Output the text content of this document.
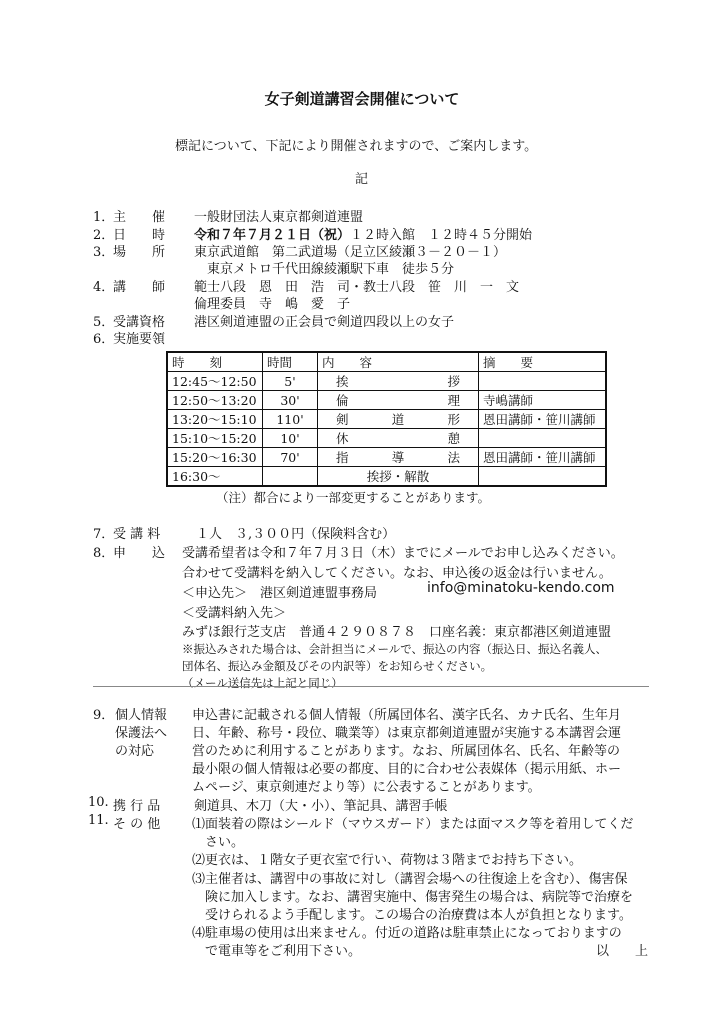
女子剣道講習会開催について
標記について、下記により開催されますので、ご案内します。
記
1．
主　　催 一般財団法人東京都剣道連盟
2．
日　　時 令和７年７月２１日（祝）１２時入館　１２時４５分開始
3．
場　　所 東京武道館　第二武道場（足立区綾瀬３－２０－１）
東京メトロ千代田線綾瀬駅下車　徒歩５分
4．
講　　師 範士八段　恩　田　浩　司・教士八段　笹　川　一　文
倫理委員　寺　嶋　愛　子
5．
受講資格 港区剣道連盟の正会員で剣道四段以上の女子
6．
実施要領
時　　刻	時間	内　　容	摘　　要
12:45～12:50	5'	挨　　拶	
12:50～13:20	30'	倫　　理	寺嶋講師
13:20～15:10	110'	剣　道　形	恩田講師・笹川講師
15:10～15:20	10'	休　　憩	
15:20～16:30	70'	指　導　法	恩田講師・笹川講師
16:30～		挨拶・解散	
（注）都合により一部変更することがあります。
7．
受 講 料	１人　３,３００円（保険料含む）
8．
申　　込 受講希望者は令和７年７月３日（木）までにメールでお申し込みください。
合わせて受講料を納入してください。なお、申込後の返金は行いません。
＜申込先＞　港区剣道連盟事務局	info@minatoku-kendo.com
＜受講料納入先＞
みずほ銀行芝支店　普通４２９０８７８　口座名義：東京都港区剣道連盟
※振込みされた場合は、会計担当にメールで、振込の内容（振込日、振込名義人、
団体名、振込み金額及びその内訳等）をお知らせください。
（メール送信先は上記と同じ）
9． 個人情報
保護法へ
の対応
申込書に記載される個人情報（所属団体名、漢字氏名、カナ氏名、生年月
日、年齢、称号・段位、職業等）は東京都剣道連盟が実施する本講習会運
営のために利用することがあります。なお、所属団体名、氏名、年齢等の
最小限の個人情報は必要の都度、目的に合わせ公表媒体（掲示用紙、ホー
ムページ、東京剣連だより等）に公表することがあります。
10. 携 行 品	剣道具、木刀（大・小）、筆記具、講習手帳
11. そ の 他 ⑴面装着の際はシールド（マウスガード）または面マスク等を着用してくだ
　さい。
⑵更衣は、１階女子更衣室で行い、荷物は３階までお持ち下さい。
⑶主催者は、講習中の事故に対し（講習会場への往復途上を含む）、傷害保
　険に加入します。なお、講習実施中、傷害発生の場合は、病院等で治療を
　受けられるよう手配します。この場合の治療費は本人が負担となります。
⑷駐車場の使用は出来ません。付近の道路は駐車禁止になっておりますの
　で電車等をご利用下さい。	以　　上
